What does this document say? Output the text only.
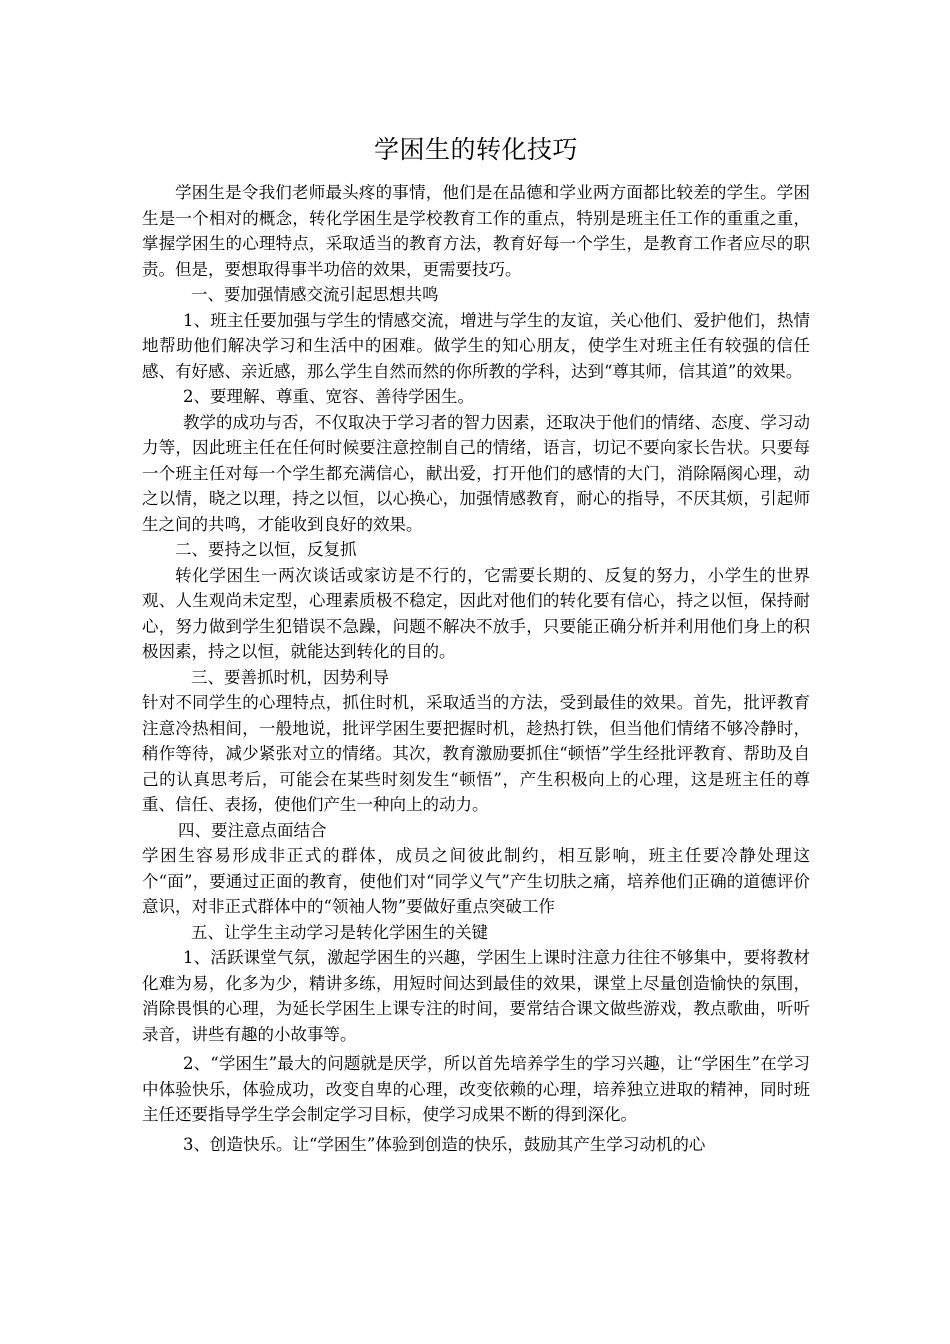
学困生的转化技巧

学困生是令我们老师最头疼的事情，他们是在品德和学业两方面都比较差的学生。学困生是一个相对的概念，转化学困生是学校教育工作的重点，特别是班主任工作的重重之重，掌握学困生的心理特点，采取适当的教育方法，教育好每一个学生，是教育工作者应尽的职责。但是，要想取得事半功倍的效果，更需要技巧。

一、要加强情感交流引起思想共鸣

1、班主任要加强与学生的情感交流，增进与学生的友谊，关心他们、爱护他们，热情地帮助他们解决学习和生活中的困难。做学生的知心朋友，使学生对班主任有较强的信任感、有好感、亲近感，那么学生自然而然的你所教的学科，达到“尊其师，信其道”的效果。

2、要理解、尊重、宽容、善待学困生。

教学的成功与否，不仅取决于学习者的智力因素，还取决于他们的情绪、态度、学习动力等，因此班主任在任何时候要注意控制自己的情绪，语言，切记不要向家长告状。只要每一个班主任对每一个学生都充满信心，献出爱，打开他们的感情的大门，消除隔阂心理，动之以情，晓之以理，持之以恒，以心换心，加强情感教育，耐心的指导，不厌其烦，引起师生之间的共鸣，才能收到良好的效果。

二、要持之以恒，反复抓

转化学困生一两次谈话或家访是不行的，它需要长期的、反复的努力，小学生的世界观、人生观尚未定型，心理素质极不稳定，因此对他们的转化要有信心，持之以恒，保持耐心，努力做到学生犯错误不急躁，问题不解决不放手，只要能正确分析并利用他们身上的积极因素，持之以恒，就能达到转化的目的。

三、要善抓时机，因势利导

针对不同学生的心理特点，抓住时机，采取适当的方法，受到最佳的效果。首先，批评教育注意冷热相间，一般地说，批评学困生要把握时机，趁热打铁，但当他们情绪不够冷静时，稍作等待，减少紧张对立的情绪。其次，教育激励要抓住“顿悟”学生经批评教育、帮助及自己的认真思考后，可能会在某些时刻发生“顿悟”，产生积极向上的心理，这是班主任的尊重、信任、表扬，使他们产生一种向上的动力。

四、要注意点面结合

学困生容易形成非正式的群体，成员之间彼此制约，相互影响，班主任要冷静处理这个“面”，要通过正面的教育，使他们对“同学义气”产生切肤之痛，培养他们正确的道德评价意识，对非正式群体中的“领袖人物”要做好重点突破工作

五、让学生主动学习是转化学困生的关键

1、活跃课堂气氛，激起学困生的兴趣，学困生上课时注意力往往不够集中，要将教材化难为易，化多为少，精讲多练，用短时间达到最佳的效果，课堂上尽量创造愉快的氛围，消除畏惧的心理，为延长学困生上课专注的时间，要常结合课文做些游戏，教点歌曲，听听录音，讲些有趣的小故事等。

2、“学困生”最大的问题就是厌学，所以首先培养学生的学习兴趣，让“学困生”在学习中体验快乐，体验成功，改变自卑的心理，改变依赖的心理，培养独立进取的精神，同时班主任还要指导学生学会制定学习目标，使学习成果不断的得到深化。

3、创造快乐。让“学困生”体验到创造的快乐，鼓励其产生学习动机的心
